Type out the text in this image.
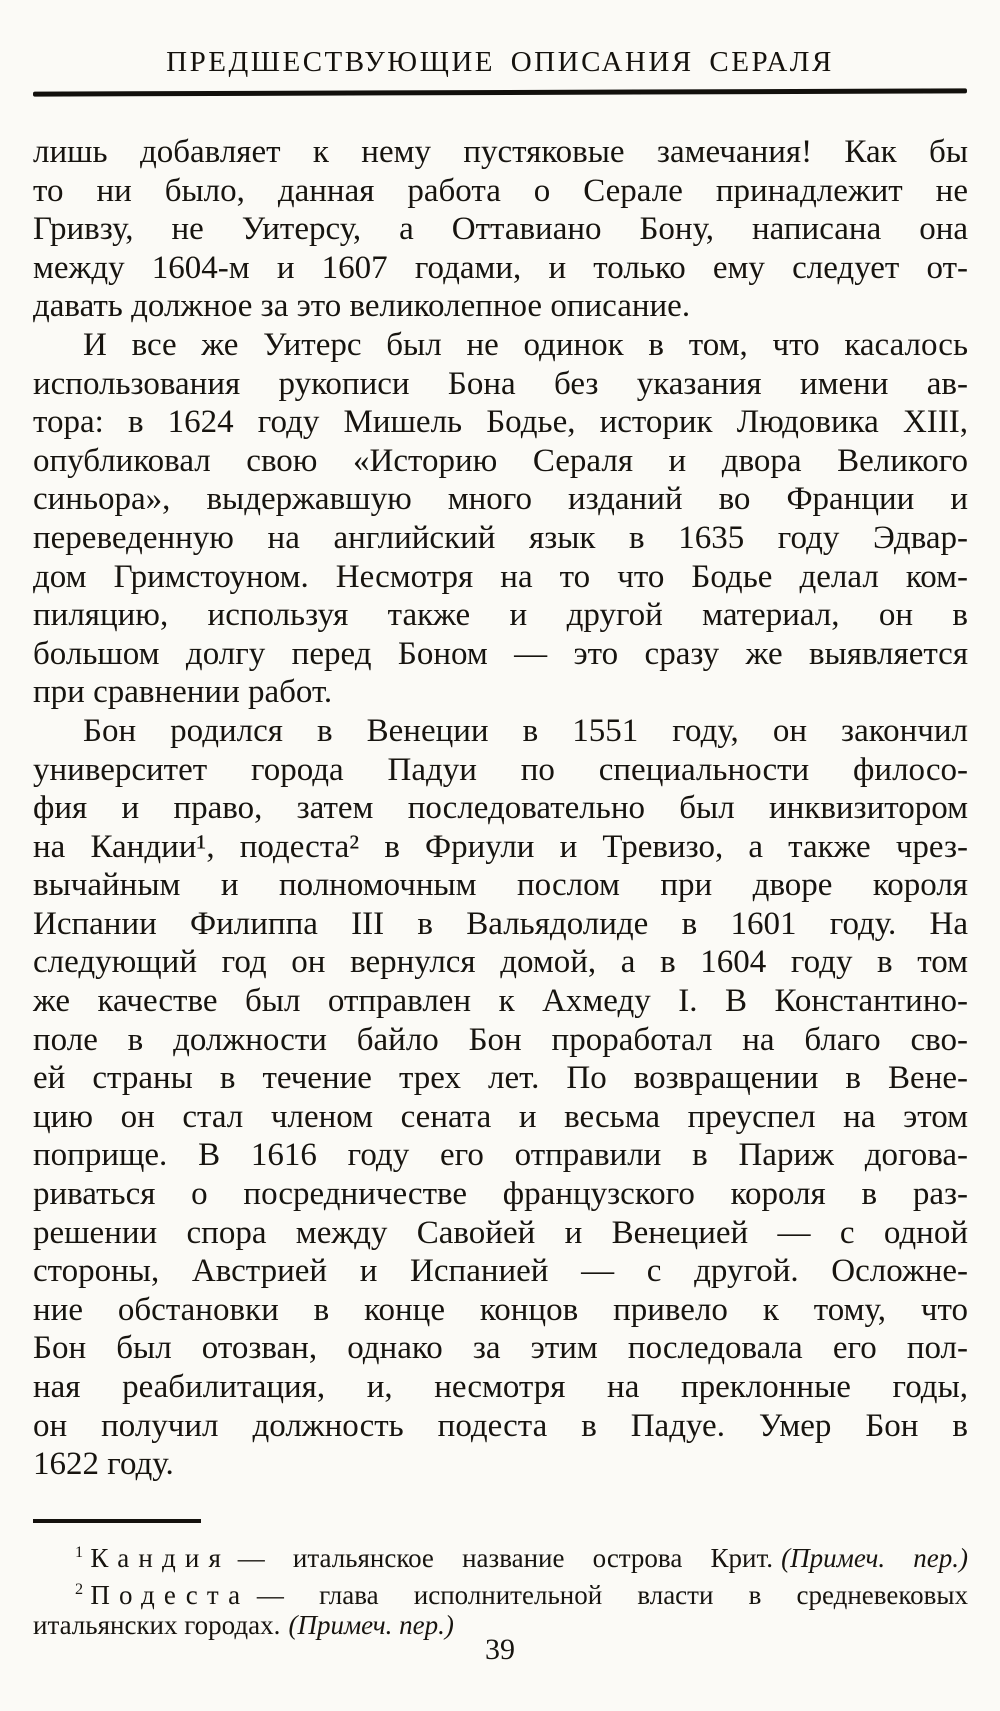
ПРЕДШЕСТВУЮЩИЕ ОПИСАНИЯ СЕРАЛЯ
лишь добавляет к нему пустяковые замечания! Как бы
то ни было, данная работа о Серале принадлежит не
Гривзу, не Уитерсу, а Оттавиано Бону, написана она
между 1604-м и 1607 годами, и только ему следует от-
давать должное за это великолепное описание.
И все же Уитерс был не одинок в том, что касалось
использования рукописи Бона без указания имени ав-
тора: в 1624 году Мишель Бодье, историк Людовика XIII,
опубликовал свою «Историю Сераля и двора Великого
синьора», выдержавшую много изданий во Франции и
переведенную на английский язык в 1635 году Эдвар-
дом Гримстоуном. Несмотря на то что Бодье делал ком-
пиляцию, используя также и другой материал, он в
большом долгу перед Боном — это сразу же выявляется
при сравнении работ.
Бон родился в Венеции в 1551 году, он закончил
университет города Падуи по специальности филосо-
фия и право, затем последовательно был инквизитором
на Кандии¹, подеста² в Фриули и Тревизо, а также чрез-
вычайным и полномочным послом при дворе короля
Испании Филиппа III в Вальядолиде в 1601 году. На
следующий год он вернулся домой, а в 1604 году в том
же качестве был отправлен к Ахмеду I. В Константино-
поле в должности байло Бон проработал на благо сво-
ей страны в течение трех лет. По возвращении в Вене-
цию он стал членом сената и весьма преуспел на этом
поприще. В 1616 году его отправили в Париж догова-
риваться о посредничестве французского короля в раз-
решении спора между Савойей и Венецией — с одной
стороны, Австрией и Испанией — с другой. Осложне-
ние обстановки в конце концов привело к тому, что
Бон был отозван, однако за этим последовала его пол-
ная реабилитация, и, несмотря на преклонные годы,
он получил должность подеста в Падуе. Умер Бон в
1622 году.
$^1$ Кандия — итальянское название острова Крит. (Примеч. пер.)
$^2$ Подеста — глава исполнительной власти в средневековых
итальянских городах. (Примеч. пер.)
39
